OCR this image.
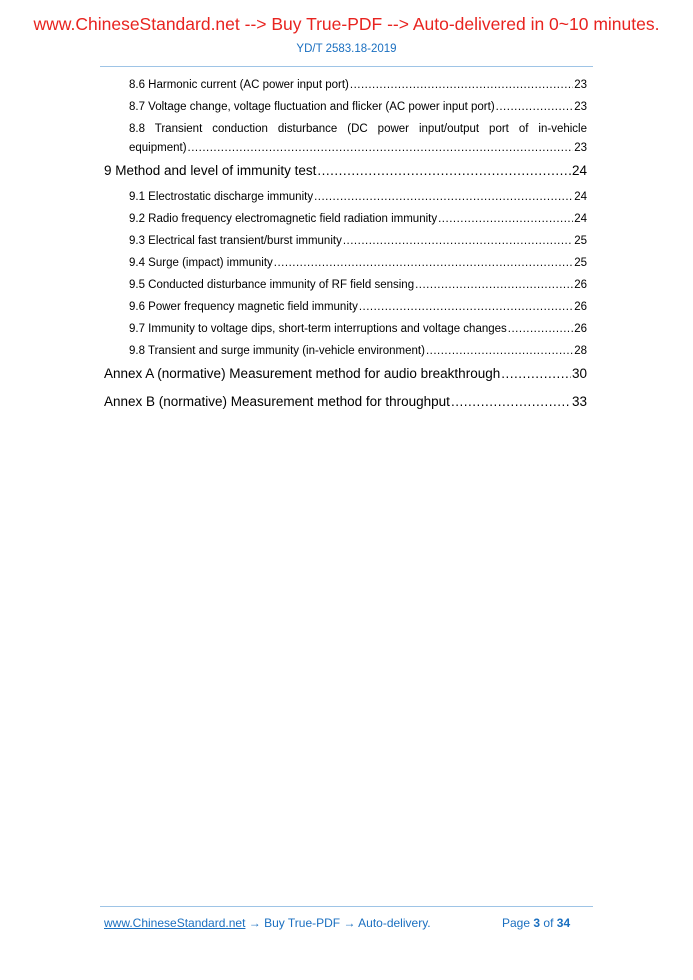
www.ChineseStandard.net --> Buy True-PDF --> Auto-delivered in 0~10 minutes.
YD/T 2583.18-2019
8.6 Harmonic current (AC power input port) .....	23
8.7 Voltage change, voltage fluctuation and flicker (AC power input port) .....	23
8.8 Transient conduction disturbance (DC power input/output port of in-vehicle
equipment) .....	23
9 Method and level of immunity test .....	24
9.1 Electrostatic discharge immunity .....	24
9.2 Radio frequency electromagnetic field radiation immunity .....	24
9.3 Electrical fast transient/burst immunity .....	25
9.4 Surge (impact) immunity .....	25
9.5 Conducted disturbance immunity of RF field sensing .....	26
9.6 Power frequency magnetic field immunity .....	26
9.7 Immunity to voltage dips, short-term interruptions and voltage changes .....	26
9.8 Transient and surge immunity (in-vehicle environment) .....	28
Annex A (normative) Measurement method for audio breakthrough .....	30
Annex B (normative) Measurement method for throughput .....	33
www.ChineseStandard.net → Buy True-PDF → Auto-delivery.	Page 3 of 34
